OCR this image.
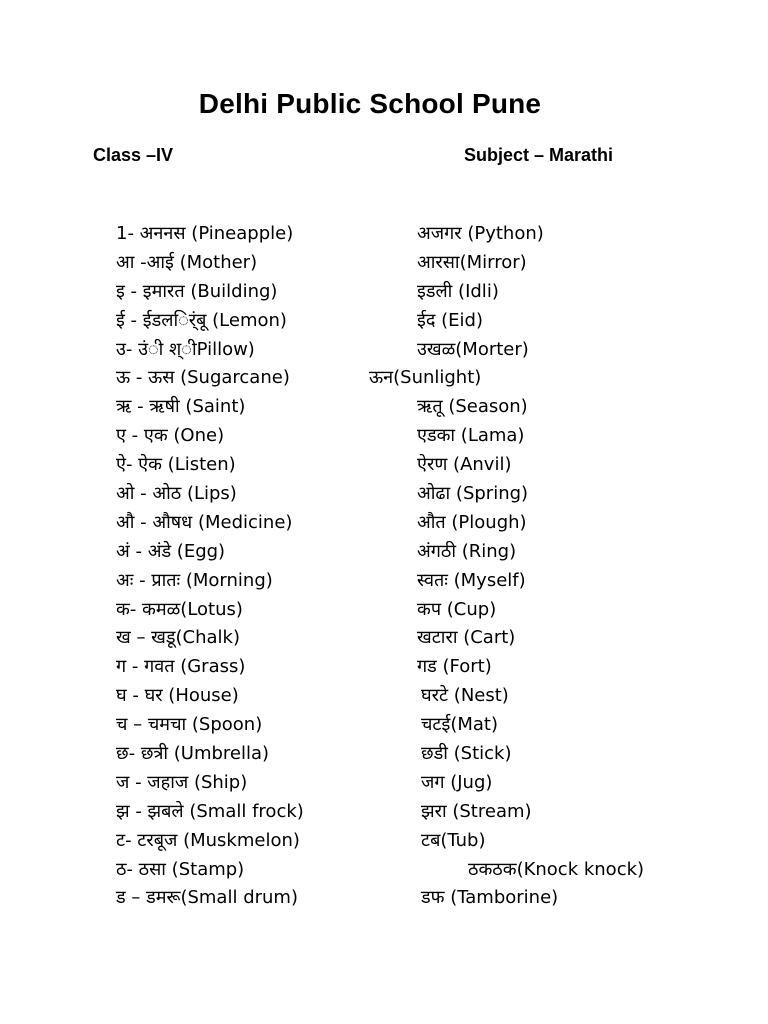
Delhi Public School Pune
Class –IV	Subject – Marathi
1- अननस (Pineapple)
आ -आई (Mother)
इ - इमारत (Building)
ई - ईडलर्िंबू (Lemon)
उ- उंी श्ीPillow)
ऊ - ऊस (Sugarcane)
ऋ - ऋषी (Saint)
ए - एक (One)
ऐ- ऐक (Listen)
ओ - ओठ (Lips)
औ - औषध (Medicine)
अं - अंडे (Egg)
अः - प्रातः (Morning)
क- कमळ(Lotus)
ख – खडू(Chalk)
ग - गवत (Grass)
घ - घर (House)
च – चमचा (Spoon)
छ- छत्री (Umbrella)
ज - जहाज (Ship)
झ - झबले (Small frock)
ट- टरबूज (Muskmelon)
ठ- ठसा (Stamp)
ड – डमरू(Small drum)
अजगर (Python)
आरसा(Mirror)
इडली (Idli)
ईद (Eid)
उखळ(Morter)
ऊन(Sunlight)
ऋतू (Season)
एडका (Lama)
ऐरण (Anvil)
ओढा (Spring)
औत (Plough)
अंगठी (Ring)
स्वतः (Myself)
कप (Cup)
खटारा (Cart)
गड (Fort)
घरटे (Nest)
चटई(Mat)
छडी (Stick)
जग (Jug)
झरा (Stream)
टब(Tub)
ठकठक(Knock knock)
डफ (Tamborine)
